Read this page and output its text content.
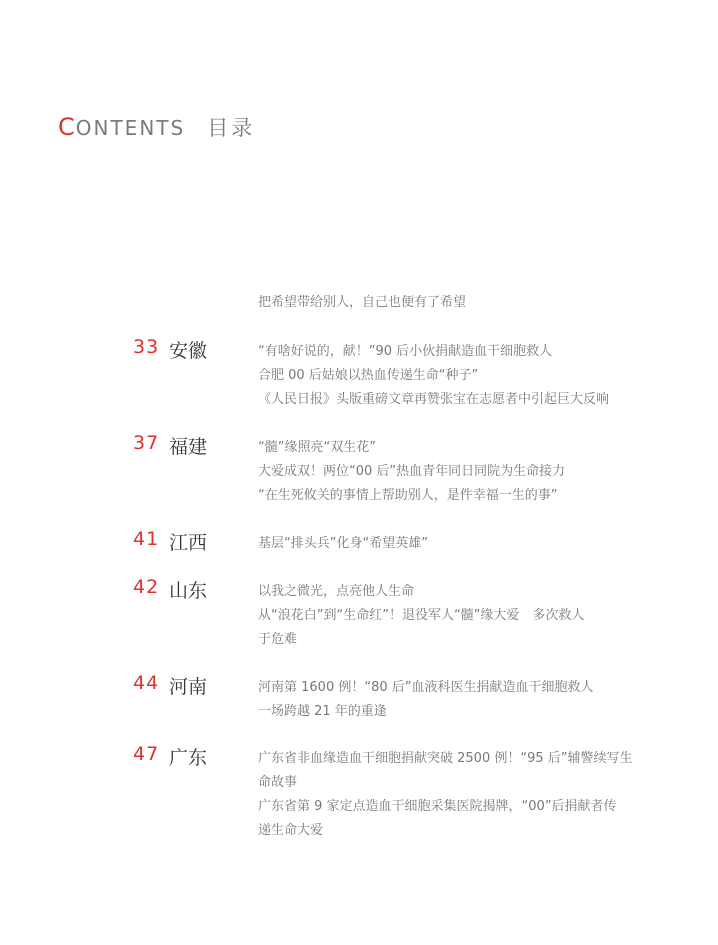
CONTENTS 目录
把希望带给别人，自己也便有了希望
33 安徽	“有啥好说的，献！”90 后小伙捐献造血干细胞救人
合肥 00 后姑娘以热血传递生命“种子”
《人民日报》头版重磅文章再赞张宝在志愿者中引起巨大反响
37 福建	“髓”缘照亮“双生花”
大爱成双！两位“00 后”热血青年同日同院为生命接力
“在生死攸关的事情上帮助别人，是件幸福一生的事”
41 江西	基层“排头兵”化身“希望英雄”
42 山东	以我之微光，点亮他人生命
从“浪花白”到“生命红”！退役军人“髓”缘大爱　多次救人
于危难
44 河南	河南第 1600 例！“80 后”血液科医生捐献造血干细胞救人
一场跨越 21 年的重逢
47 广东	广东省非血缘造血干细胞捐献突破 2500 例！“95 后”辅警续写生
命故事
广东省第 9 家定点造血干细胞采集医院揭牌，“00”后捐献者传
递生命大爱
